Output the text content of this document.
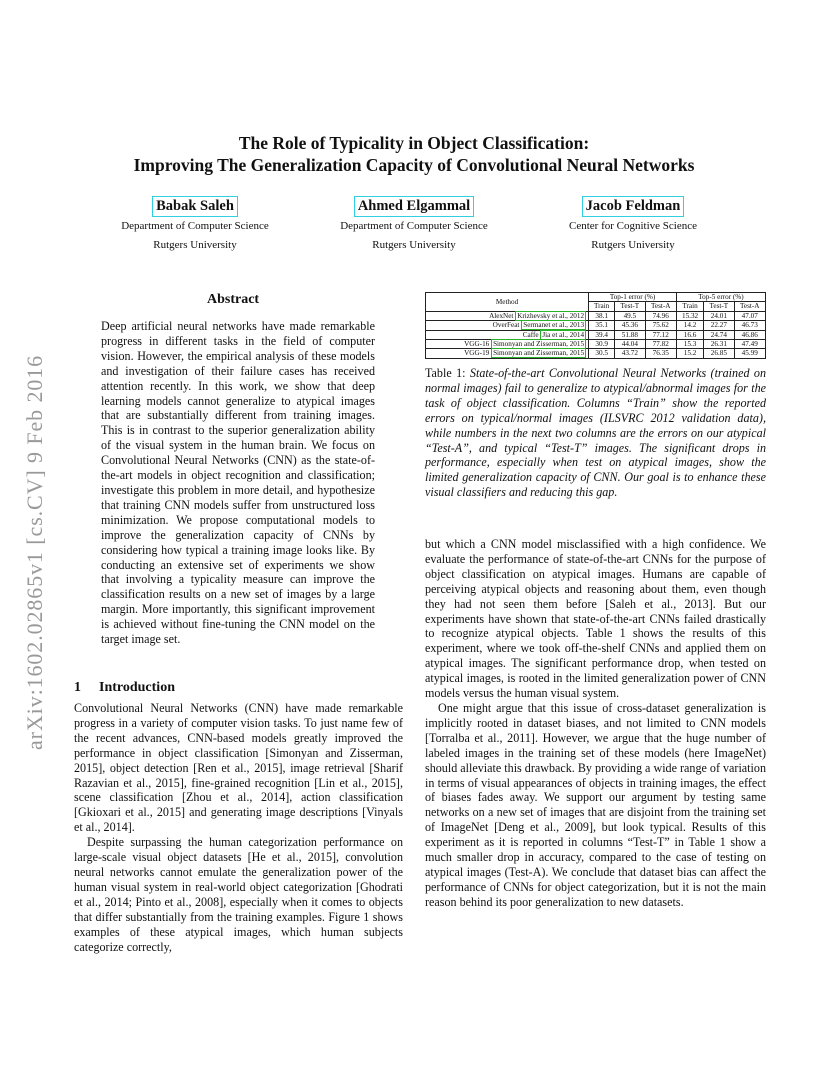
arXiv:1602.02865v1 [cs.CV] 9 Feb 2016
The Role of Typicality in Object Classification:
Improving The Generalization Capacity of Convolutional Neural Networks
Babak Saleh
Department of Computer Science
Rutgers University
Ahmed Elgammal
Department of Computer Science
Rutgers University
Jacob Feldman
Center for Cognitive Science
Rutgers University
Abstract

Deep artificial neural networks have made remarkable progress in different tasks in the field of computer vision. However, the empirical analysis of these models and investigation of their failure cases has received attention recently. In this work, we show that deep learning models cannot generalize to atypical images that are substantially different from training images. This is in contrast to the superior generalization ability of the visual system in the human brain. We focus on Convolutional Neural Networks (CNN) as the state-of-the-art models in object recognition and classification; investigate this problem in more detail, and hypothesize that training CNN models suffer from unstructured loss minimization. We propose computational models to improve the generalization capacity of CNNs by considering how typical a training image looks like. By conducting an extensive set of experiments we show that involving a typicality measure can improve the classification results on a new set of images by a large margin. More importantly, this significant improvement is achieved without fine-tuning the CNN model on the target image set.

1 Introduction

Convolutional Neural Networks (CNN) have made remarkable progress in a variety of computer vision tasks. To just name few of the recent advances, CNN-based models greatly improved the performance in object classification [Simonyan and Zisserman, 2015], object detection [Ren et al., 2015], image retrieval [Sharif Razavian et al., 2015], fine-grained recognition [Lin et al., 2015], scene classification [Zhou et al., 2014], action classification [Gkioxari et al., 2015] and generating image descriptions [Vinyals et al., 2014].

Despite surpassing the human categorization performance on large-scale visual object datasets [He et al., 2015], convolution neural networks cannot emulate the generalization power of the human visual system in real-world object categorization [Ghodrati et al., 2014; Pinto et al., 2008], especially when it comes to objects that differ substantially from the training examples. Figure 1 shows examples of these atypical images, which human subjects categorize correctly,

Method	Top-1 error (%)			Top-5 error (%)		
	Train	Test-T	Test-A	Train	Test-T	Test-A
AlexNet Krizhevsky et al., 2012	38.1	49.5	74.96	15.32	24.01	47.07
OverFeat Sermanet et al., 2013	35.1	45.36	75.62	14.2	22.27	46.73
Caffe Jia et al., 2014	39.4	51.88	77.12	16.6	24.74	46.86
VGG-16 Simonyan and Zisserman, 2015	30.9	44.04	77.82	15.3	26.31	47.49
VGG-19 Simonyan and Zisserman, 2015	30.5	43.72	76.35	15.2	26.85	45.99
Table 1: State-of-the-art Convolutional Neural Networks (trained on normal images) fail to generalize to atypical/abnormal images for the task of object classification. Columns “Train” show the reported errors on typical/normal images (ILSVRC 2012 validation data), while numbers in the next two columns are the errors on our atypical “Test-A”, and typical “Test-T” images. The significant drops in performance, especially when test on atypical images, show the limited generalization capacity of CNN. Our goal is to enhance these visual classifiers and reducing this gap.

but which a CNN model misclassified with a high confidence. We evaluate the performance of state-of-the-art CNNs for the purpose of object classification on atypical images. Humans are capable of perceiving atypical objects and reasoning about them, even though they had not seen them before [Saleh et al., 2013]. But our experiments have shown that state-of-the-art CNNs failed drastically to recognize atypical objects. Table 1 shows the results of this experiment, where we took off-the-shelf CNNs and applied them on atypical images. The significant performance drop, when tested on atypical images, is rooted in the limited generalization power of CNN models versus the human visual system.

One might argue that this issue of cross-dataset generalization is implicitly rooted in dataset biases, and not limited to CNN models [Torralba et al., 2011]. However, we argue that the huge number of labeled images in the training set of these models (here ImageNet) should alleviate this drawback. By providing a wide range of variation in terms of visual appearances of objects in training images, the effect of biases fades away. We support our argument by testing same networks on a new set of images that are disjoint from the training set of ImageNet [Deng et al., 2009], but look typical. Results of this experiment as it is reported in columns “Test-T” in Table 1 show a much smaller drop in accuracy, compared to the case of testing on atypical images (Test-A). We conclude that dataset bias can affect the performance of CNNs for object categorization, but it is not the main reason behind its poor generalization to new datasets.
